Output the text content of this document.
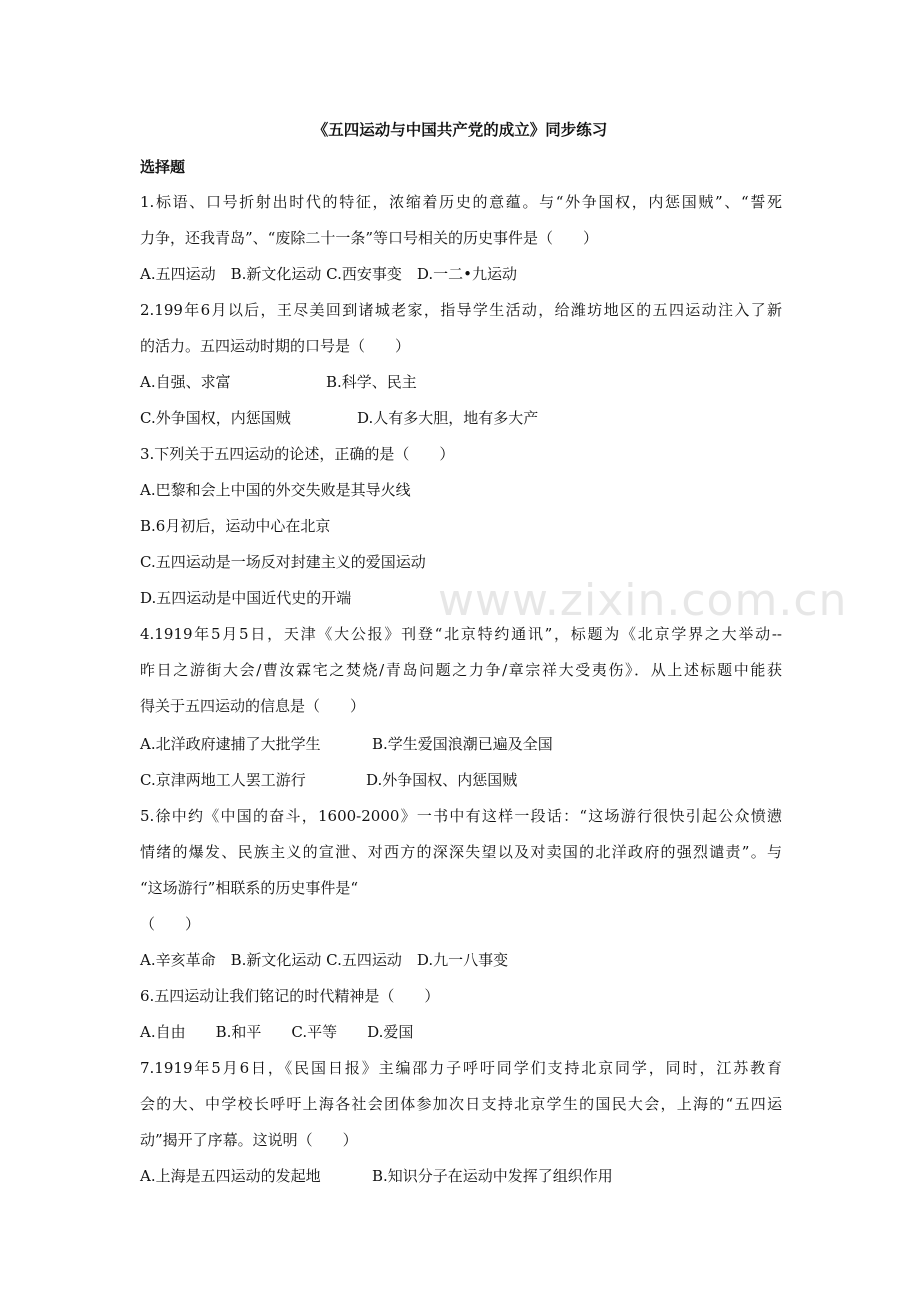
www.zixin.com.cn
《五四运动与中国共产党的成立》同步练习
选择题
1.标语、口号折射出时代的特征，浓缩着历史的意蕴。与“外争国权，内惩国贼”、“誓死
力争，还我青岛”、“废除二十一条”等口号相关的历史事件是（　　）
A.五四运动　B.新文化运动 C.西安事变　D.一二•九运动
2.199年6月以后，王尽美回到诸城老家，指导学生活动，给潍坊地区的五四运动注入了新
的活力。五四运动时期的口号是（　　）
A.自强、求富	B.科学、民主
C.外争国权，内惩国贼	D.人有多大胆，地有多大产
3.下列关于五四运动的论述，正确的是（　　）
A.巴黎和会上中国的外交失败是其导火线
B.6月初后，运动中心在北京
C.五四运动是一场反对封建主义的爱国运动
D.五四运动是中国近代史的开端
4.1919年5月5日，天津《大公报》刊登“北京特约通讯”，标题为《北京学界之大举动--
昨日之游街大会/曹汝霖宅之焚烧/青岛问题之力争/章宗祥大受夷伤》．从上述标题中能获
得关于五四运动的信息是（　　）
A.北洋政府逮捕了大批学生	B.学生爱国浪潮已遍及全国
C.京津两地工人罢工游行	D.外争国权、内惩国贼
5.徐中约《中国的奋斗，1600-2000》一书中有这样一段话：“这场游行很快引起公众愤懑
情绪的爆发、民族主义的宣泄、对西方的深深失望以及对卖国的北洋政府的强烈谴责”。与
“这场游行”相联系的历史事件是“
（　　）
A.辛亥革命　B.新文化运动 C.五四运动　D.九一八事变
6.五四运动让我们铭记的时代精神是（　　）
A.自由　　B.和平　　C.平等　　D.爱国
7.1919年5月6日，《民国日报》主编邵力子呼吁同学们支持北京同学，同时，江苏教育
会的大、中学校长呼吁上海各社会团体参加次日支持北京学生的国民大会，上海的“五四运
动”揭开了序幕。这说明（　　）
A.上海是五四运动的发起地	B.知识分子在运动中发挥了组织作用
